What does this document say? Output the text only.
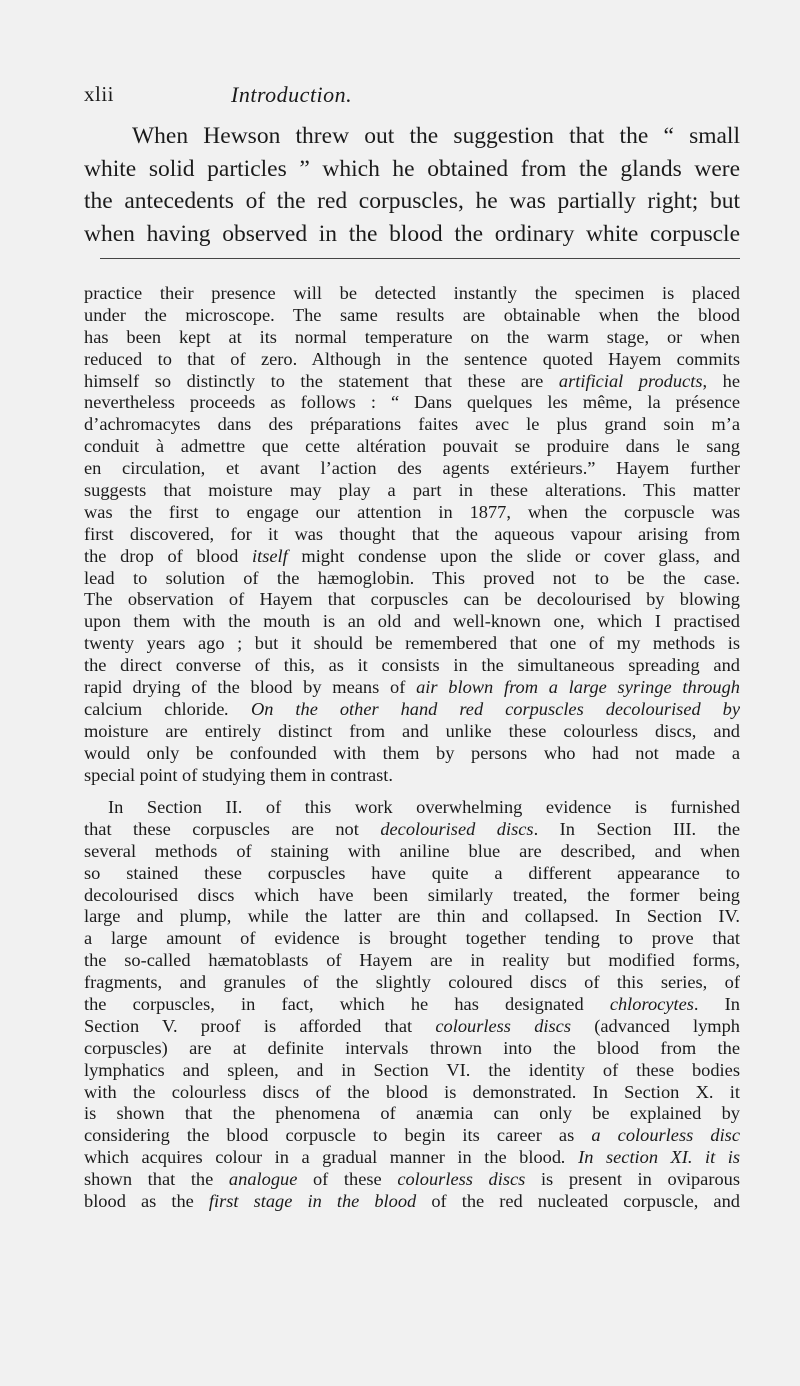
xlii	Introduction.
When Hewson threw out the suggestion that the “ small
white solid particles ” which he obtained from the glands were
the antecedents of the red corpuscles, he was partially right; but
when having observed in the blood the ordinary white corpuscle
practice their presence will be detected instantly the specimen is placed
under the microscope. The same results are obtainable when the blood
has been kept at its normal temperature on the warm stage, or when
reduced to that of zero. Although in the sentence quoted Hayem commits
himself so distinctly to the statement that these are artificial products, he
nevertheless proceeds as follows : “ Dans quelques les même, la présence
d’achromacytes dans des préparations faites avec le plus grand soin m’a
conduit à admettre que cette altération pouvait se produire dans le sang
en circulation, et avant l’action des agents extérieurs.” Hayem further
suggests that moisture may play a part in these alterations. This matter
was the first to engage our attention in 1877, when the corpuscle was
first discovered, for it was thought that the aqueous vapour arising from
the drop of blood itself might condense upon the slide or cover glass, and
lead to solution of the hæmoglobin. This proved not to be the case.
The observation of Hayem that corpuscles can be decolourised by blowing
upon them with the mouth is an old and well-known one, which I practised
twenty years ago ; but it should be remembered that one of my methods is
the direct converse of this, as it consists in the simultaneous spreading and
rapid drying of the blood by means of air blown from a large syringe through
calcium chloride. On the other hand red corpuscles decolourised by
moisture are entirely distinct from and unlike these colourless discs, and
would only be confounded with them by persons who had not made a
special point of studying them in contrast.
In Section II. of this work overwhelming evidence is furnished
that these corpuscles are not decolourised discs. In Section III. the
several methods of staining with aniline blue are described, and when
so stained these corpuscles have quite a different appearance to
decolourised discs which have been similarly treated, the former being
large and plump, while the latter are thin and collapsed. In Section IV.
a large amount of evidence is brought together tending to prove that
the so-called hæmatoblasts of Hayem are in reality but modified forms,
fragments, and granules of the slightly coloured discs of this series, of
the corpuscles, in fact, which he has designated chlorocytes. In
Section V. proof is afforded that colourless discs (advanced lymph
corpuscles) are at definite intervals thrown into the blood from the
lymphatics and spleen, and in Section VI. the identity of these bodies
with the colourless discs of the blood is demonstrated. In Section X. it
is shown that the phenomena of anæmia can only be explained by
considering the blood corpuscle to begin its career as a colourless disc
which acquires colour in a gradual manner in the blood. In section XI. it is
shown that the analogue of these colourless discs is present in oviparous
blood as the first stage in the blood of the red nucleated corpuscle, and
